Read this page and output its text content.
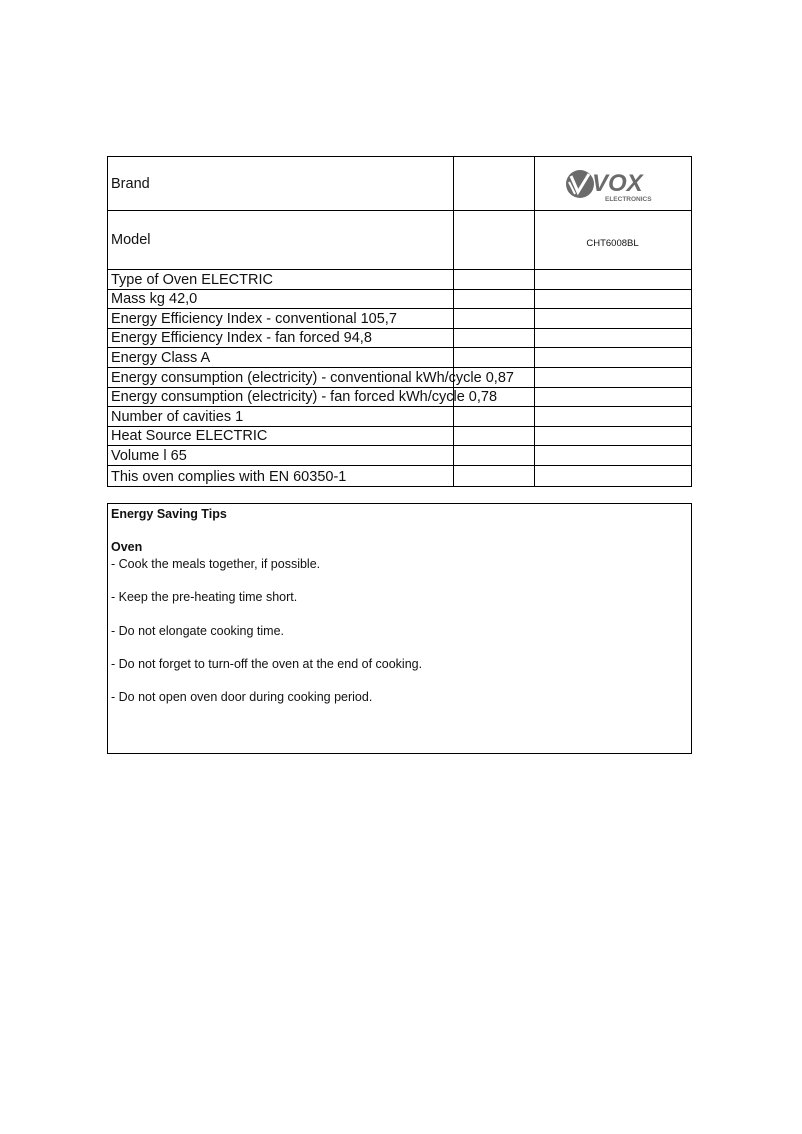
Brand	VOX
ELECTRONICS
Model	CHT6008BL
Type of Oven ELECTRIC
Mass kg 42,0
Energy Efficiency Index - conventional 105,7
Energy Efficiency Index - fan forced 94,8
Energy Class A
Energy consumption (electricity) - conventional kWh/cycle 0,87
Energy consumption (electricity) - fan forced kWh/cycle 0,78
Number of cavities 1
Heat Source ELECTRIC
Volume l 65
This oven complies with EN 60350-1
Energy Saving Tips
Oven
- Cook the meals together, if possible.
- Keep the pre-heating time short.
- Do not elongate cooking time.
- Do not forget to turn-off the oven at the end of cooking.
- Do not open oven door during cooking period.
